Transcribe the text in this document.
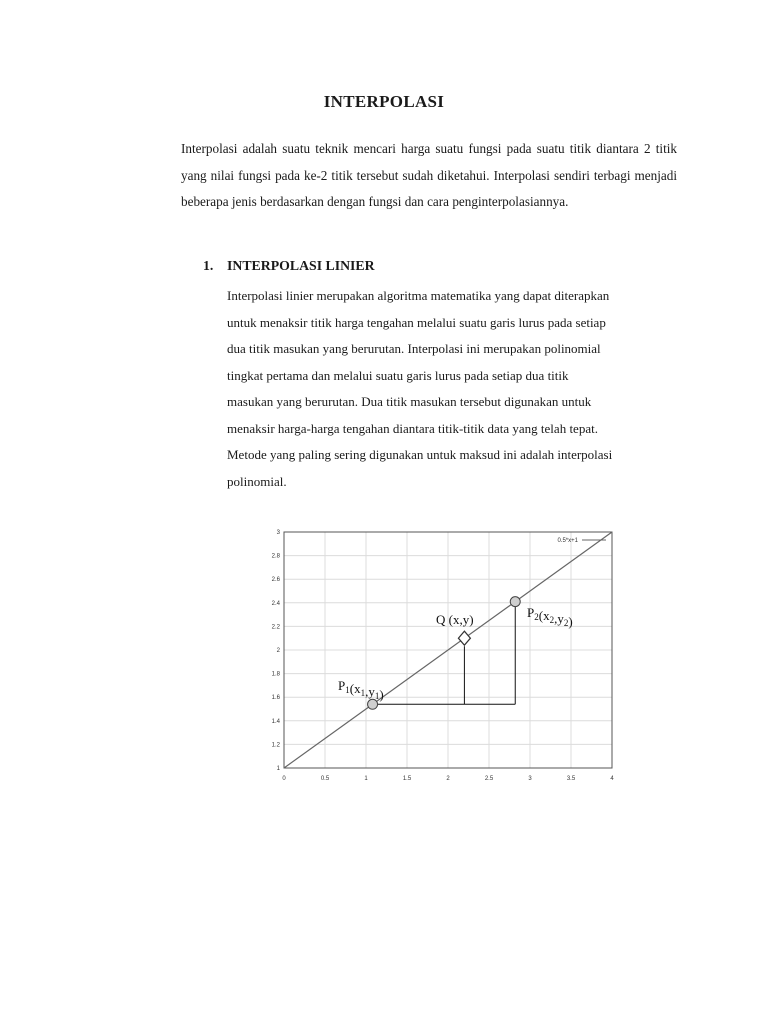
INTERPOLASI

Interpolasi adalah suatu teknik mencari harga suatu fungsi pada suatu titik diantara 2 titik yang nilai fungsi pada ke-2 titik tersebut sudah diketahui. Interpolasi sendiri terbagi menjadi beberapa jenis berdasarkan dengan fungsi dan cara penginterpolasiannya.

1. INTERPOLASI LINIER
Interpolasi linier merupakan algoritma matematika yang dapat diterapkan
untuk menaksir titik harga tengahan melalui suatu garis lurus pada setiap
dua titik masukan yang berurutan. Interpolasi ini merupakan polinomial
tingkat pertama dan melalui suatu garis lurus pada setiap dua titik
masukan yang berurutan. Dua titik masukan tersebut digunakan untuk
menaksir harga-harga tengahan diantara titik-titik data yang telah tepat.
Metode yang paling sering digunakan untuk maksud ini adalah interpolasi
polinomial.
0	0.5	1	1.5	2	2.5	3	3.5	4
1
1.2
1.4
1.6
1.8
2
2.2
2.4
2.6
2.8
3
0.5*x+1
$P_1(x_1,y_1)$
Q (x,y)	$P_2(x_2,y_2)$
